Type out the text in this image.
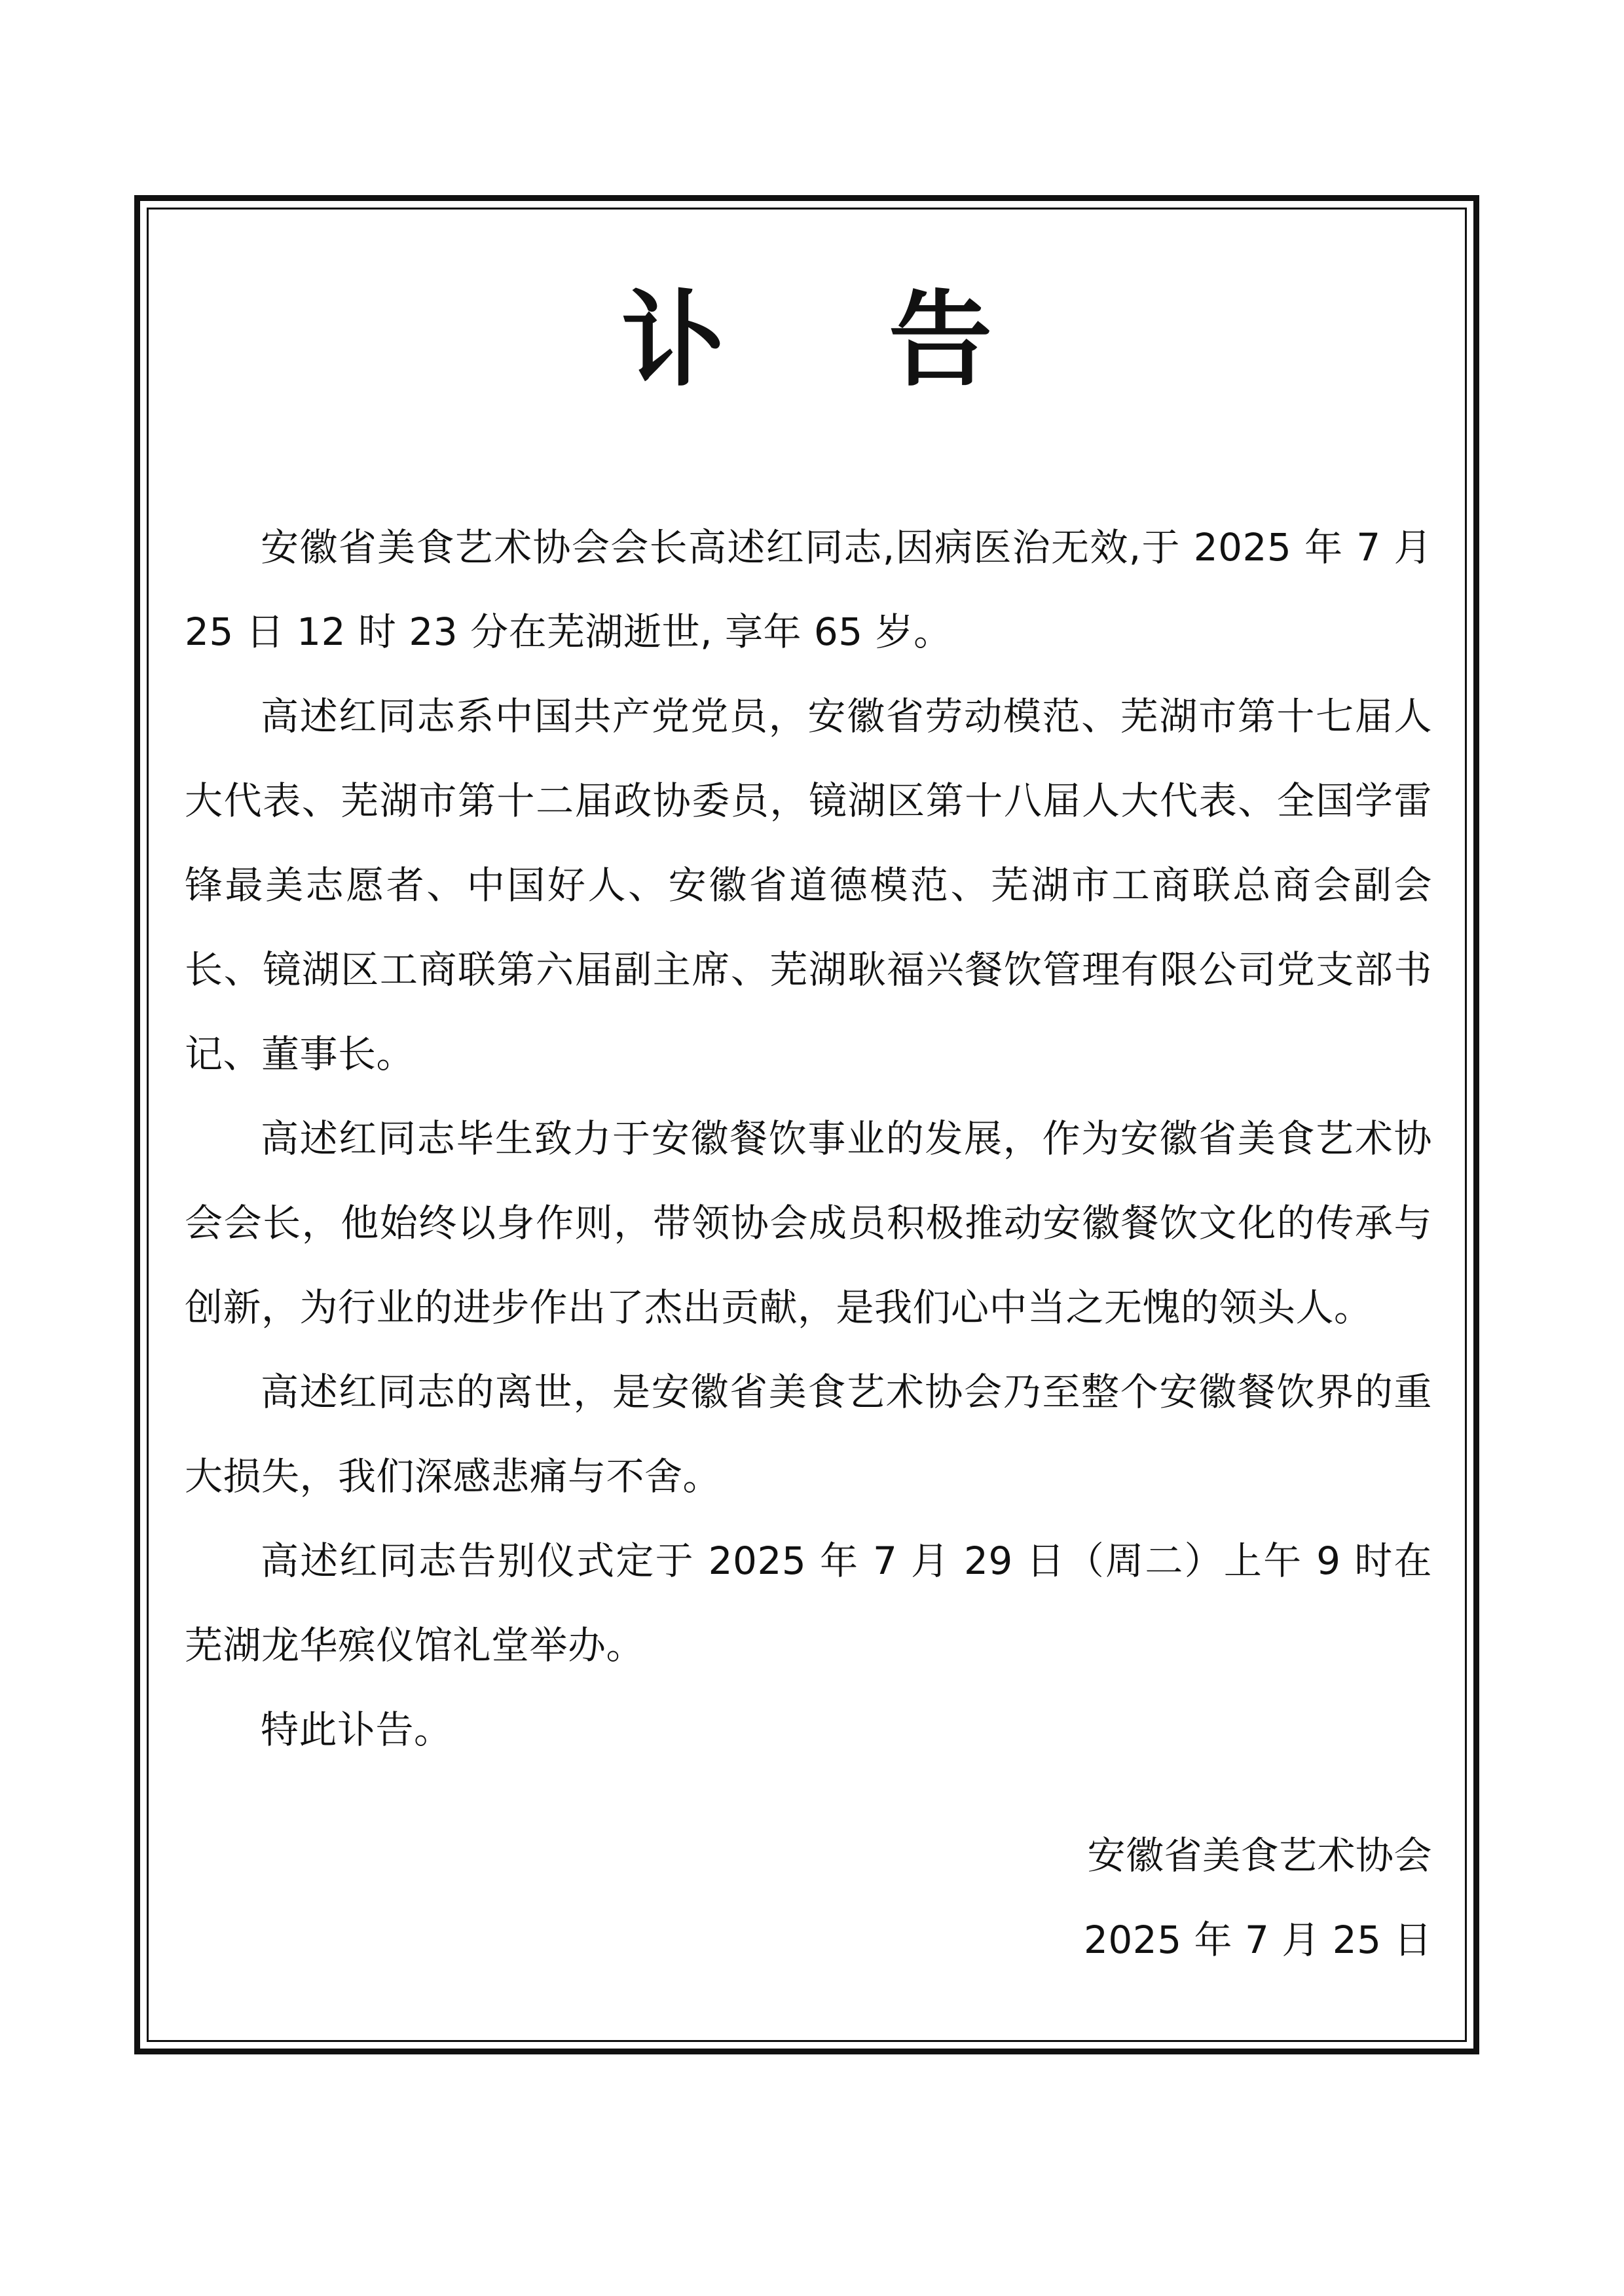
讣 告

安徽省美食艺术协会会长高述红同志,因病医治无效,于 2025 年 7 月 25 日 12 时 23 分在芜湖逝世, 享年 65 岁。

高述红同志系中国共产党党员，安徽省劳动模范、芜湖市第十七届人大代表、芜湖市第十二届政协委员，镜湖区第十八届人大代表、全国学雷锋最美志愿者、中国好人、安徽省道德模范、芜湖市工商联总商会副会长、镜湖区工商联第六届副主席、芜湖耿福兴餐饮管理有限公司党支部书记、董事长。

高述红同志毕生致力于安徽餐饮事业的发展，作为安徽省美食艺术协会会长，他始终以身作则，带领协会成员积极推动安徽餐饮文化的传承与创新，为行业的进步作出了杰出贡献，是我们心中当之无愧的领头人。

高述红同志的离世，是安徽省美食艺术协会乃至整个安徽餐饮界的重大损失，我们深感悲痛与不舍。

高述红同志告别仪式定于 2025 年 7 月 29 日（周二）上午 9 时在芜湖龙华殡仪馆礼堂举办。

特此讣告。

安徽省美食艺术协会
2025 年 7 月 25 日
